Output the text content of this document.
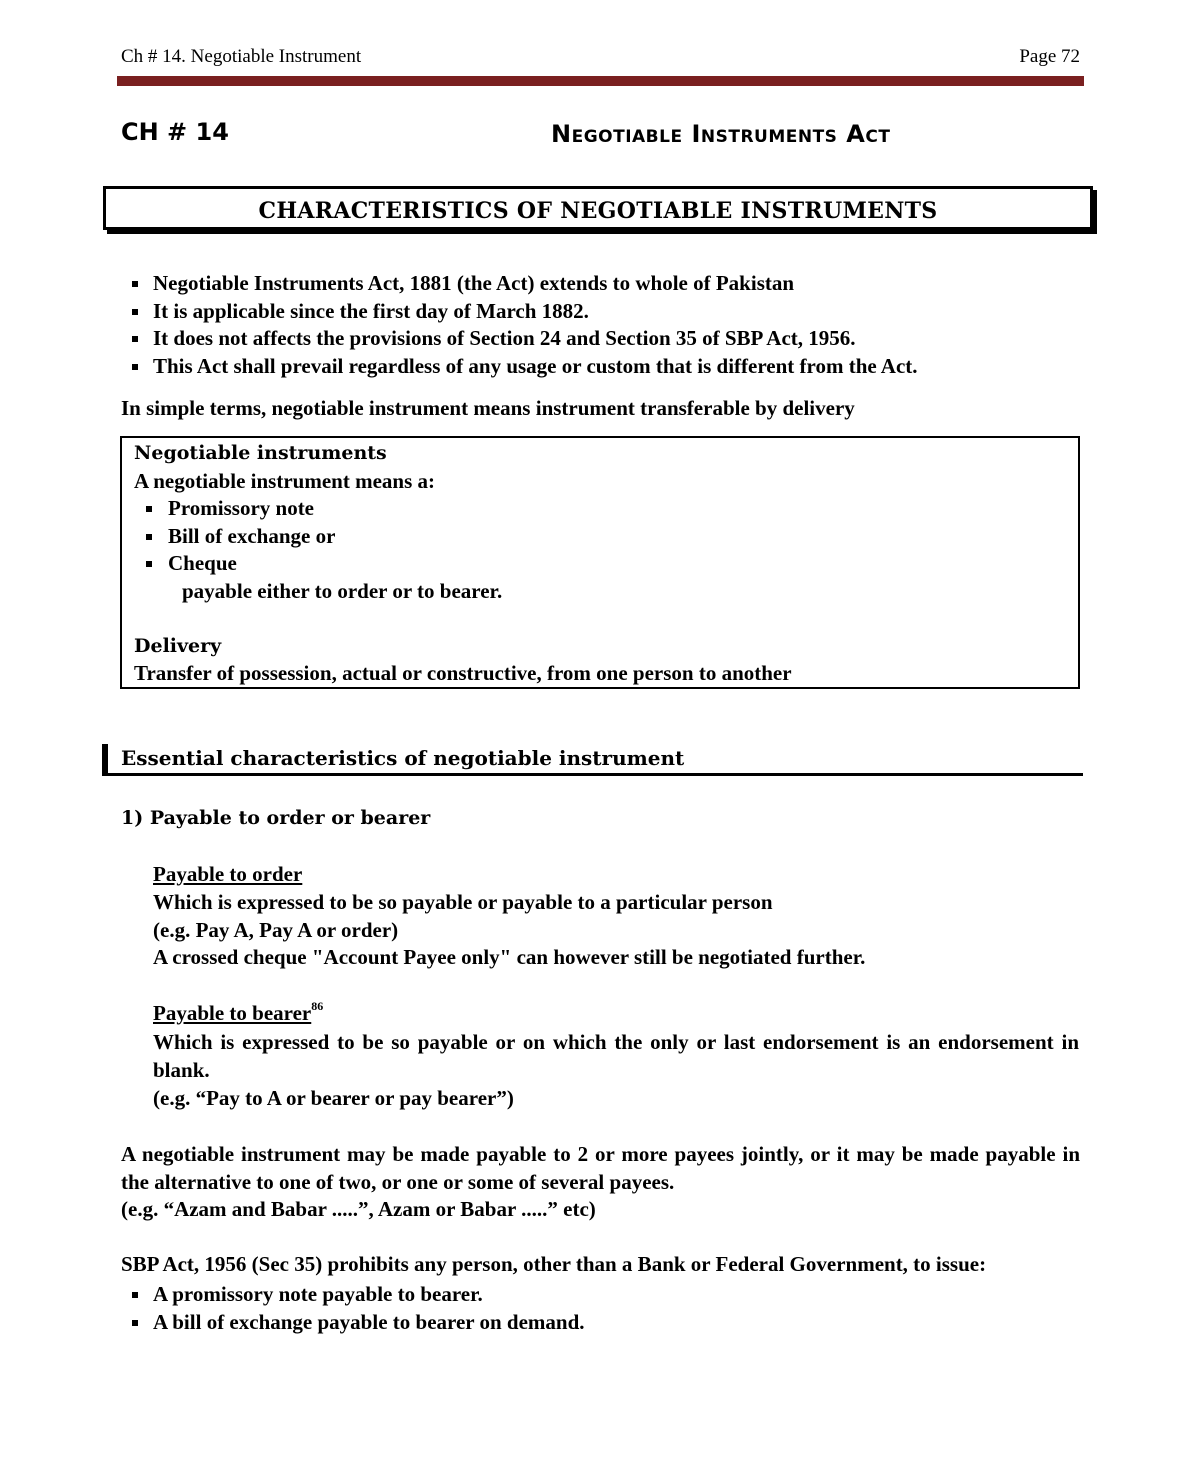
Ch # 14. Negotiable Instrument	Page 72
CH # 14	Negotiable Instruments Act
CHARACTERISTICS OF NEGOTIABLE INSTRUMENTS
Negotiable Instruments Act, 1881 (the Act) extends to whole of Pakistan
It is applicable since the first day of March 1882.
It does not affects the provisions of Section 24 and Section 35 of SBP Act, 1956.
This Act shall prevail regardless of any usage or custom that is different from the Act.
In simple terms, negotiable instrument means instrument transferable by delivery
Negotiable instruments
A negotiable instrument means a:
Promissory note
Bill of exchange or
Cheque
payable either to order or to bearer.
Delivery
Transfer of possession, actual or constructive, from one person to another
Essential characteristics of negotiable instrument
1) Payable to order or bearer
Payable to order
Which is expressed to be so payable or payable to a particular person
(e.g. Pay A, Pay A or order)
A crossed cheque "Account Payee only" can however still be negotiated further.
Payable to bearer$^{86}$
Which is expressed to be so payable or on which the only or last endorsement is an endorsement in blank.
(e.g. “Pay to A or bearer or pay bearer”)
A negotiable instrument may be made payable to 2 or more payees jointly, or it may be made payable in the alternative to one of two, or one or some of several payees.
(e.g. “Azam and Babar .....”, Azam or Babar .....” etc)
SBP Act, 1956 (Sec 35) prohibits any person, other than a Bank or Federal Government, to issue:
A promissory note payable to bearer.
A bill of exchange payable to bearer on demand.
